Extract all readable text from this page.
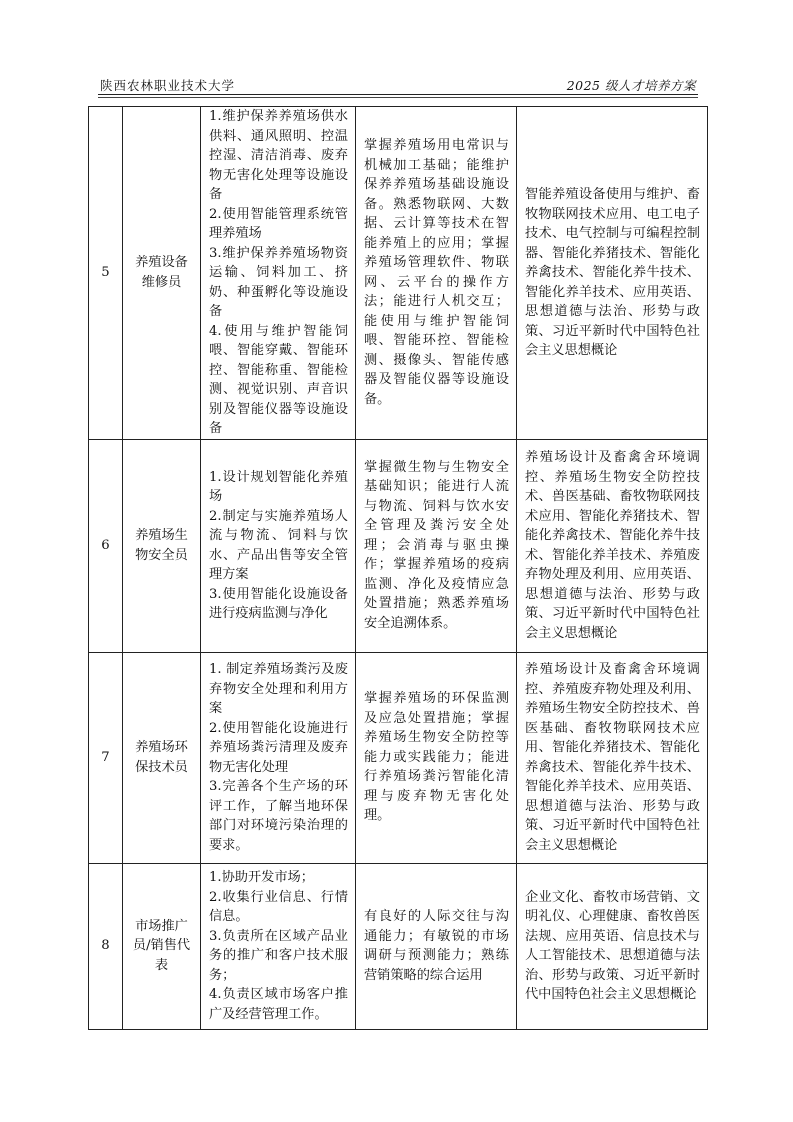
陕西农林职业技术大学	2025 级人才培养方案
5	养殖设备维修员	1.维护保养养殖场供水供料、通风照明、控温控湿、清洁消毒、废弃物无害化处理等设施设备

2.使用智能管理系统管理养殖场

3.维护保养养殖场物资运输、饲料加工、挤奶、种蛋孵化等设施设备

4.使用与维护智能饲喂、智能穿戴、智能环控、智能称重、智能检测、视觉识别、声音识别及智能仪器等设施设备	掌握养殖场用电常识与机械加工基础；能维护保养养殖场基础设施设备。熟悉物联网、大数据、云计算等技术在智能养殖上的应用；掌握养殖场管理软件、物联网、云平台的操作方法；能进行人机交互；能使用与维护智能饲喂、智能环控、智能检测、摄像头、智能传感器及智能仪器等设施设备。	智能养殖设备使用与维护、畜牧物联网技术应用、电工电子技术、电气控制与可编程控制器、智能化养猪技术、智能化养禽技术、智能化养牛技术、智能化养羊技术、应用英语、思想道德与法治、形势与政策、习近平新时代中国特色社会主义思想概论

6	养殖场生物安全员	1.设计规划智能化养殖场

2.制定与实施养殖场人流与物流、饲料与饮水、产品出售等安全管理方案

3.使用智能化设施设备进行疫病监测与净化	掌握微生物与生物安全基础知识；能进行人流与物流、饲料与饮水安全管理及粪污安全处理；会消毒与驱虫操作；掌握养殖场的疫病监测、净化及疫情应急处置措施；熟悉养殖场安全追溯体系。	养殖场设计及畜禽舍环境调控、养殖场生物安全防控技术、兽医基础、畜牧物联网技术应用、智能化养猪技术、智能化养禽技术、智能化养牛技术、智能化养羊技术、养殖废弃物处理及利用、应用英语、思想道德与法治、形势与政策、习近平新时代中国特色社会主义思想概论

7	养殖场环保技术员	1. 制定养殖场粪污及废弃物安全处理和利用方案

2.使用智能化设施进行养殖场粪污清理及废弃物无害化处理

3.完善各个生产场的环评工作，了解当地环保部门对环境污染治理的要求。	掌握养殖场的环保监测及应急处置措施；掌握养殖场生物安全防控等能力或实践能力；能进行养殖场粪污智能化清理与废弃物无害化处理。	养殖场设计及畜禽舍环境调控、养殖废弃物处理及利用、养殖场生物安全防控技术、兽医基础、畜牧物联网技术应用、智能化养猪技术、智能化养禽技术、智能化养牛技术、智能化养羊技术、应用英语、思想道德与法治、形势与政策、习近平新时代中国特色社会主义思想概论

8	市场推广员/销售代表	1.协助开发市场；

2.收集行业信息、行情信息。

3.负责所在区域产品业务的推广和客户技术服务；

4.负责区域市场客户推广及经营管理工作。	有良好的人际交往与沟通能力；有敏锐的市场调研与预测能力；熟练营销策略的综合运用	企业文化、畜牧市场营销、文明礼仪、心理健康、畜牧兽医法规、应用英语、信息技术与人工智能技术、思想道德与法治、形势与政策、习近平新时代中国特色社会主义思想概论
